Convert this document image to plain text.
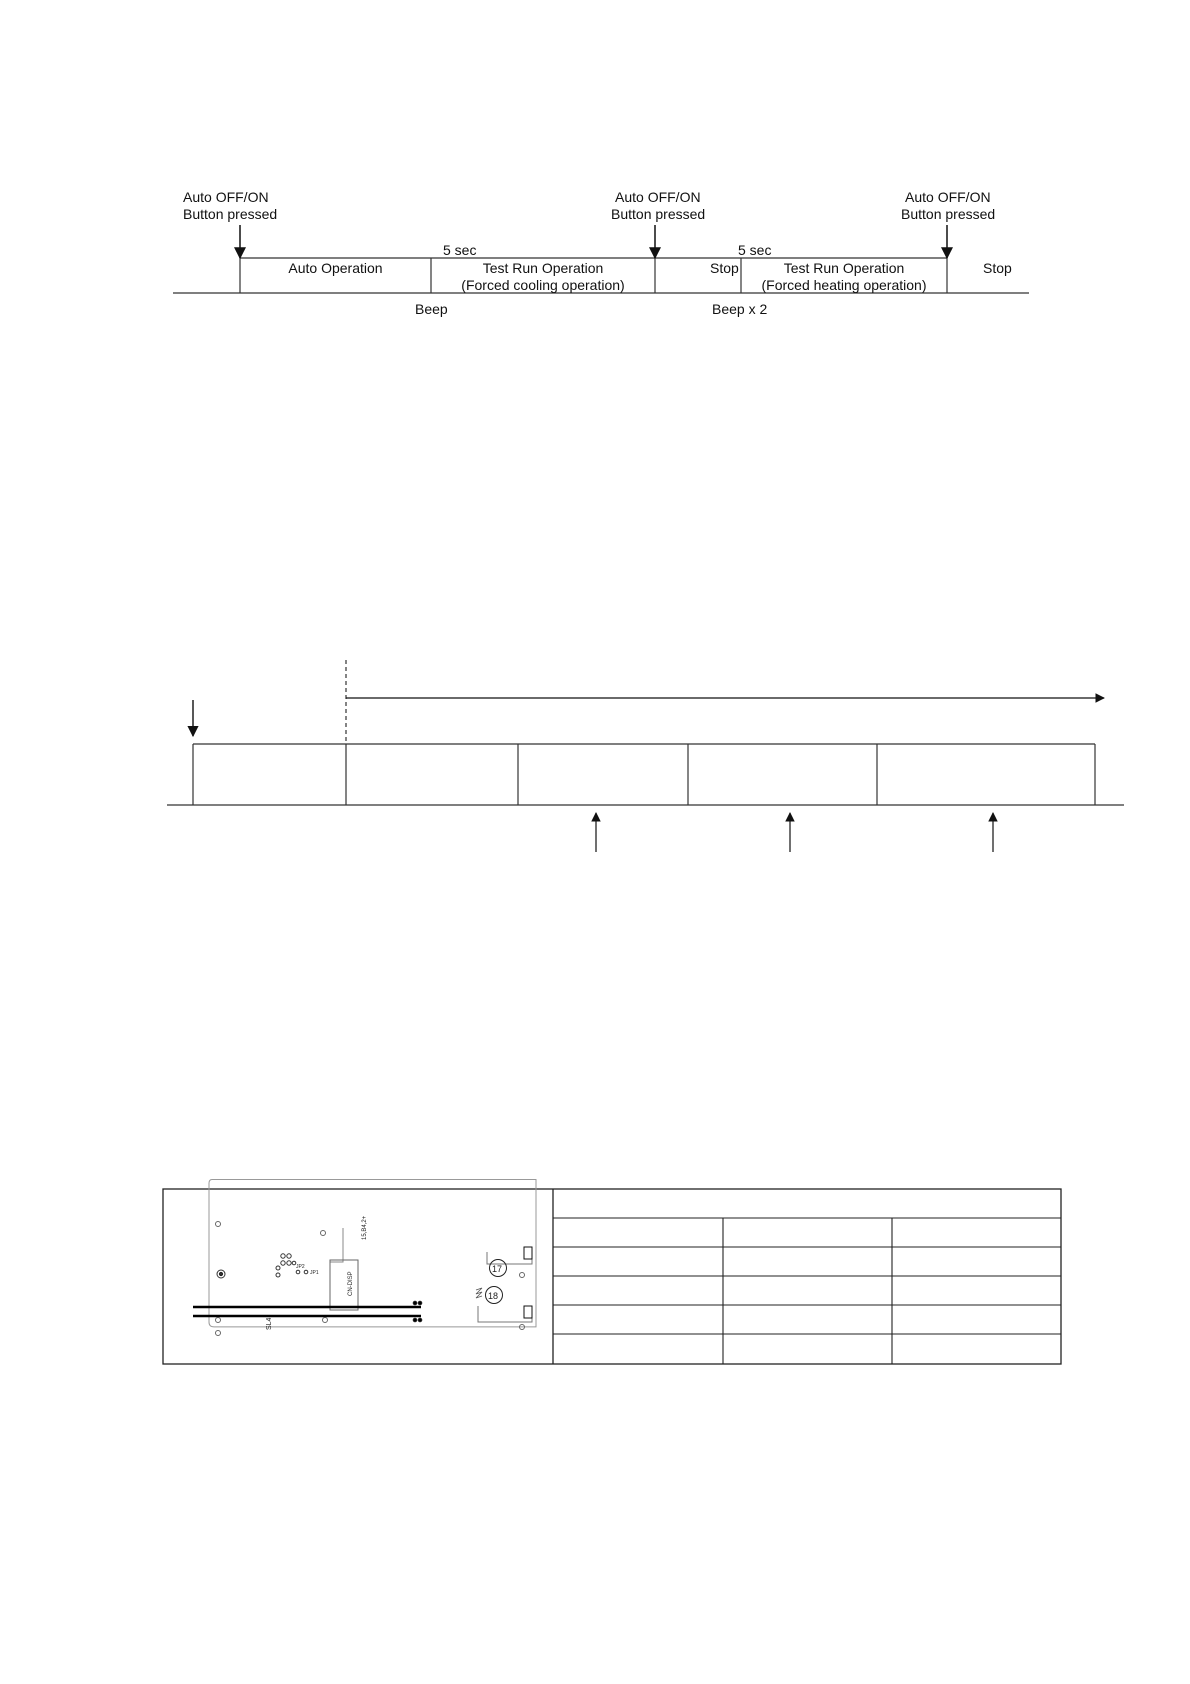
Auto OFF/ON
Button pressed
Auto OFF/ON
Button pressed
Auto OFF/ON
Button pressed
5 sec	5 sec
Auto Operation	Test Run Operation
(Forced cooling operation)
Stop	Test Run Operation
(Forced heating operation)
Stop
Beep	Beep x 2
15,B4,2+
CN-DISP
JP2
JP1	17
18
SL4
